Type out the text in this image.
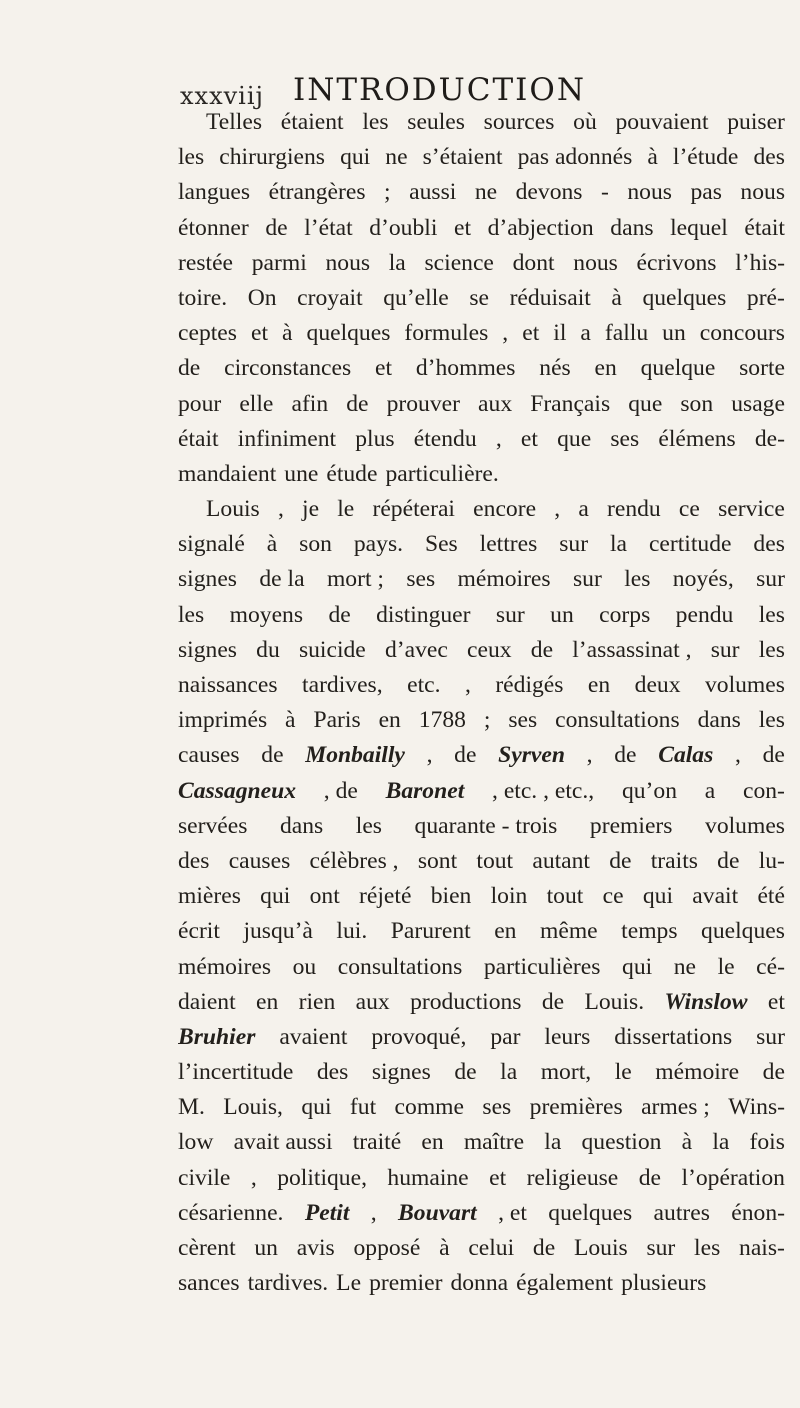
xxxviij INTRODUCTION
Telles étaient les seules sources où pouvaient puiser
les chirurgiens qui ne s’étaient pas adonnés à l’étude des
langues étrangères ; aussi ne devons - nous pas nous
étonner de l’état d’oubli et d’abjection dans lequel était
restée parmi nous la science dont nous écrivons l’his-
toire. On croyait qu’elle se réduisait à quelques pré-
ceptes et à quelques formules , et il a fallu un concours
de circonstances et d’hommes nés en quelque sorte
pour elle afin de prouver aux Français que son usage
était infiniment plus étendu , et que ses élémens de-
mandaient une étude particulière.
Louis , je le répéterai encore , a rendu ce service
signalé à son pays. Ses lettres sur la certitude des
signes de la mort ; ses mémoires sur les noyés, sur
les moyens de distinguer sur un corps pendu les
signes du suicide d’avec ceux de l’assassinat , sur les
naissances tardives, etc. , rédigés en deux volumes
imprimés à Paris en 1788 ; ses consultations dans les
causes de Monbailly , de Syrven , de Calas , de
Cassagneux , de Baronet , etc. , etc., qu’on a con-
servées dans les quarante - trois premiers volumes
des causes célèbres , sont tout autant de traits de lu-
mières qui ont réjeté bien loin tout ce qui avait été
écrit jusqu’à lui. Parurent en même temps quelques
mémoires ou consultations particulières qui ne le cé-
daient en rien aux productions de Louis. Winslow et
Bruhier avaient provoqué, par leurs dissertations sur
l’incertitude des signes de la mort, le mémoire de
M. Louis, qui fut comme ses premières armes ; Wins-
low avait aussi traité en maître la question à la fois
civile , politique, humaine et religieuse de l’opération
césarienne. Petit , Bouvart , et quelques autres énon-
cèrent un avis opposé à celui de Louis sur les nais-
sances tardives. Le premier donna également plusieurs
